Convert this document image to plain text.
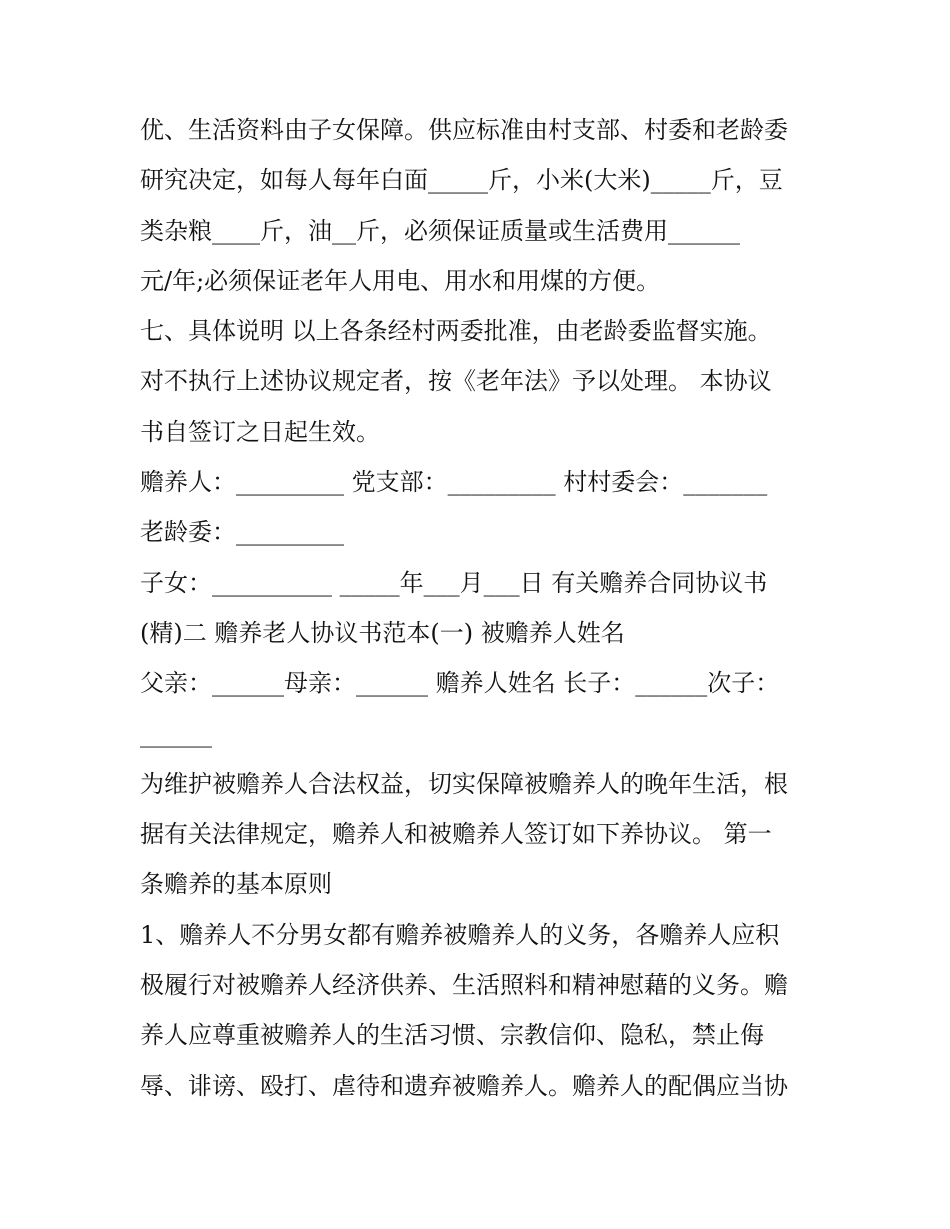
优、生活资料由子女保障。供应标准由村支部、村委和老龄委
研究决定，如每人每年白面_____斤，小米(大米)_____斤，豆
类杂粮____斤，油__斤，必须保证质量或生活费用______
元/年;必须保证老年人用电、用水和用煤的方便。
七、具体说明 以上各条经村两委批准，由老龄委监督实施。
对不执行上述协议规定者，按《老年法》予以处理。 本协议
书自签订之日起生效。
赡养人：_________ 党支部：_________ 村村委会：_______
老龄委：_________
子女：__________ _____年___月___日 有关赡养合同协议书
(精)二 赡养老人协议书范本(一) 被赡养人姓名
父亲：______母亲：______ 赡养人姓名 长子：______次子：
______
为维护被赡养人合法权益，切实保障被赡养人的晚年生活，根
据有关法律规定，赡养人和被赡养人签订如下养协议。 第一
条赡养的基本原则
1、赡养人不分男女都有赡养被赡养人的义务，各赡养人应积
极履行对被赡养人经济供养、生活照料和精神慰藉的义务。赡
养人应尊重被赡养人的生活习惯、宗教信仰、隐私，禁止侮
辱、诽谤、殴打、虐待和遗弃被赡养人。赡养人的配偶应当协
